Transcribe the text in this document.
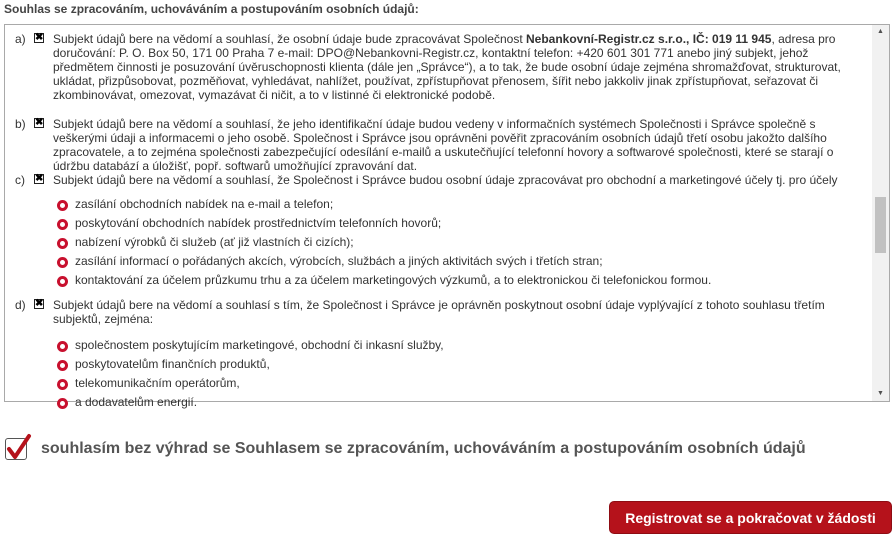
Souhlas se zpracováním, uchováváním a postupováním osobních údajů:
a) ✖ Subjekt údajů bere na vědomí a souhlasí, že osobní údaje bude zpracovávat Společnost Nebankovní-Registr.cz s.r.o., IČ: 019 11 945, adresa pro doručování: P. O. Box 50, 171 00 Praha 7 e-mail: DPO@Nebankovni-Registr.cz, kontaktní telefon: +420 601 301 771 anebo jiný subjekt, jehož předmětem činnosti je posuzování úvěruschopnosti klienta (dále jen „Správce“), a to tak, že bude osobní údaje zejména shromažďovat, strukturovat, ukládat, přizpůsobovat, pozměňovat, vyhledávat, nahlížet, používat, zpřístupňovat přenosem, šířit nebo jakkoliv jinak zpřístupňovat, seřazovat či zkombinovávat, omezovat, vymazávat či ničit, a to v listinné či elektronické podobě.
b) ✖ Subjekt údajů bere na vědomí a souhlasí, že jeho identifikační údaje budou vedeny v informačních systémech Společnosti i Správce společně s veškerými údaji a informacemi o jeho osobě. Společnost i Správce jsou oprávněni pověřit zpracováním osobních údajů třetí osobu jakožto dalšího zpracovatele, a to zejména společnosti zabezpečující odesílání e-mailů a uskutečňující telefonní hovory a softwarové společnosti, které se starají o údržbu databází a úložišť, popř. softwarů umožňující zpravování dat.
c) ✖ Subjekt údajů bere na vědomí a souhlasí, že Společnost i Správce budou osobní údaje zpracovávat pro obchodní a marketingové účely tj. pro účely
zasílání obchodních nabídek na e-mail a telefon;
poskytování obchodních nabídek prostřednictvím telefonních hovorů;
nabízení výrobků či služeb (ať již vlastních či cizích);
zasílání informací o pořádaných akcích, výrobcích, službách a jiných aktivitách svých i třetích stran;
kontaktování za účelem průzkumu trhu a za účelem marketingových výzkumů, a to elektronickou či telefonickou formou.
d) ✖ Subjekt údajů bere na vědomí a souhlasí s tím, že Společnost i Správce je oprávněn poskytnout osobní údaje vyplývající z tohoto souhlasu třetím subjektů, zejména:
společnostem poskytujícím marketingové, obchodní či inkasní služby,
poskytovatelům finančních produktů,
telekomunikačním operátorům,
a dodavatelům energií.
▲
▼
souhlasím bez výhrad se Souhlasem se zpracováním, uchováváním a postupováním osobních údajů
Registrovat se a pokračovat v žádosti
